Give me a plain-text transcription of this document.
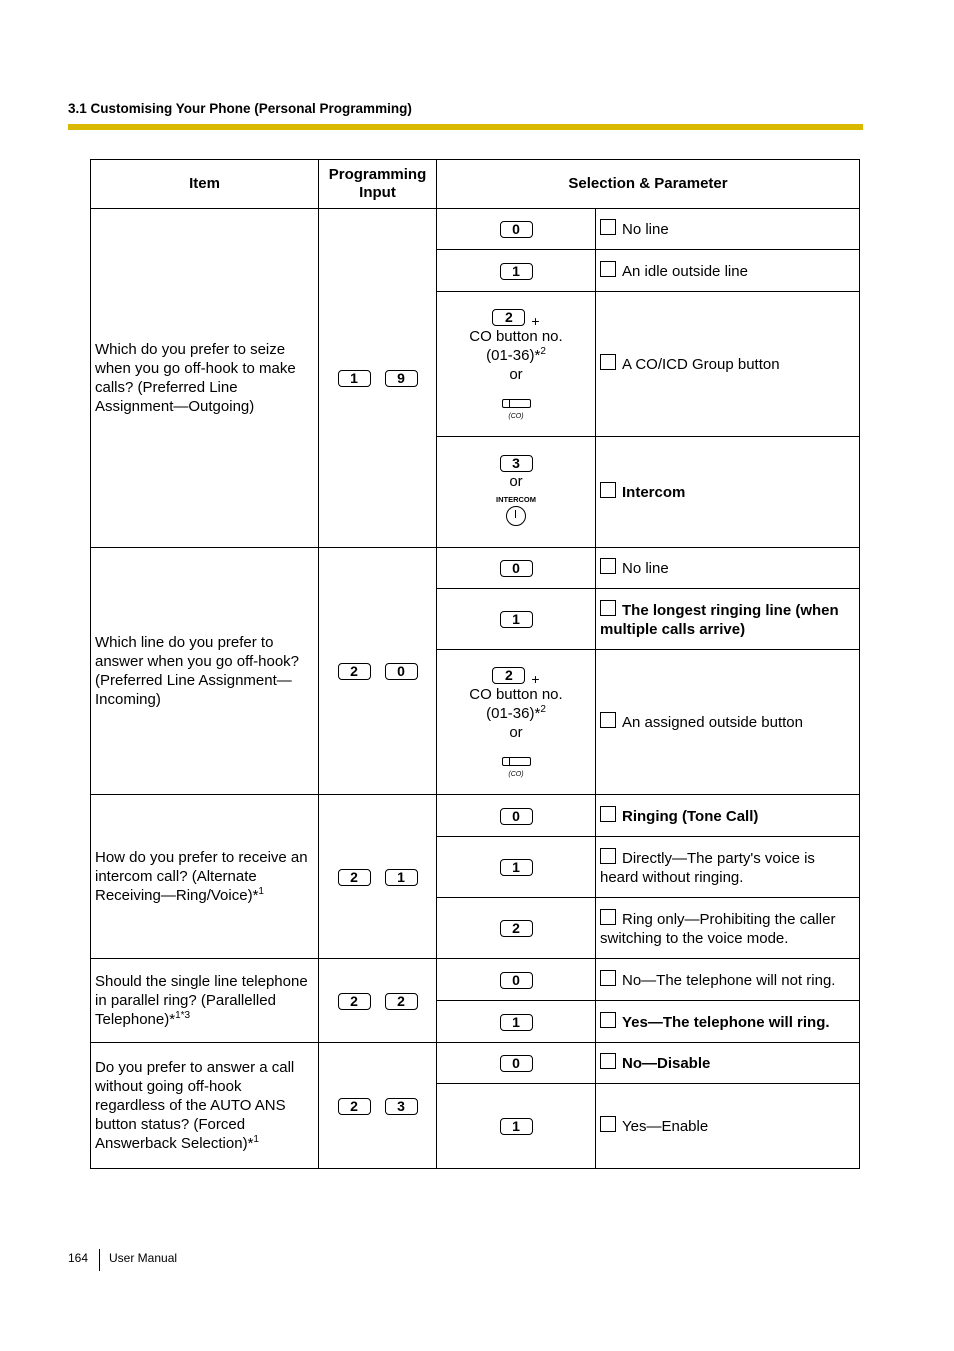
3.1 Customising Your Phone (Personal Programming)
Item	Programming Input	Selection & Parameter	
Which do you prefer to seize when you go off-hook to make calls? (Preferred Line Assignment—Outgoing)	1 9	0	No line
		1	An idle outside line

		2 +
CO button no.
(01-36)*$^2$
or
(CO)	A CO/ICD Group button

		3
or
INTERCOM	Intercom
Which line do you prefer to answer when you go off-hook? (Preferred Line Assignment—Incoming)	2 0	0	No line
		1	The longest ringing line (when multiple calls arrive)

		2 +
CO button no.
(01-36)*$^2$
or
(CO)	An assigned outside button
How do you prefer to receive an intercom call? (Alternate Receiving—Ring/Voice)*$^1$	2 1	0	Ringing (Tone Call)
		1	Directly—The party's voice is heard without ringing.
		2	Ring only—Prohibiting the caller switching to the voice mode.
Should the single line telephone in parallel ring? (Parallelled Telephone)*$^{1*3}$	2 2	0	No—The telephone will not ring.
		1	Yes—The telephone will ring.
Do you prefer to answer a call without going off-hook regardless of the AUTO ANS button status? (Forced Answerback Selection)*$^1$	2 3	0	No—Disable
		1	Yes—Enable
164 User Manual
